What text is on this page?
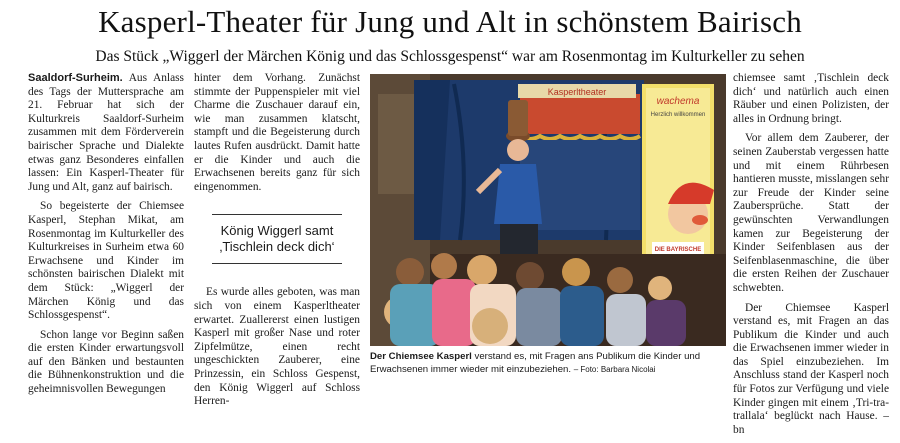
Kasperl-Theater für Jung und Alt in schönstem Bairisch
Das Stück „Wiggerl der Märchen König und das Schlossgespenst“ war am Rosenmontag im Kulturkeller zu sehen

Saaldorf-Surheim. Aus Anlass des Tags der Muttersprache am 21. Februar hat sich der Kulturkreis Saaldorf-Surheim zusammen mit dem Förderverein bairischer Sprache und Dialekte etwas ganz Besonderes einfallen lassen: Ein Kasperl-Theater für Jung und Alt, ganz auf bairisch.

So begeisterte der Chiemsee Kasperl, Stephan Mikat, am Rosenmontag im Kulturkeller des Kulturkreises in Surheim etwa 60 Erwachsene und Kinder im schönsten bairischen Dialekt mit dem Stück: „Wiggerl der Märchen König und das Schlossgespenst“.

Schon lange vor Beginn saßen die ersten Kinder erwartungsvoll auf den Bänken und bestaunten die Bühnenkonstruktion und die geheimnisvollen Bewegungen

hinter dem Vorhang. Zunächst stimmte der Puppenspieler mit viel Charme die Zuschauer darauf ein, wie man zusammen klatscht, stampft und die Begeisterung durch lautes Rufen ausdrückt. Damit hatte er die Kinder und auch die Erwachsenen bereits ganz für sich eingenommen.

König Wiggerl samt ‚Tischlein deck dich‘

Es wurde alles geboten, was man sich von einem Kasperltheater erwartet. Zuallererst einen lustigen Kasperl mit großer Nase und roter Zipfelmütze, einen recht ungeschickten Zauberer, eine Prinzessin, ein Schloss Gespenst, den König Wiggerl auf Schloss Herren-

Kasperltheater
wachema
Herzlich willkommen
DIE BAYRISCHE
Der Chiemsee Kasperl verstand es, mit Fragen ans Publikum die Kinder und Erwachsenen immer wieder mit einzubeziehen. – Foto: Barbara Nicolai

chiemsee samt ‚Tischlein deck dich‘ und natürlich auch einen Räuber und einen Polizisten, der alles in Ordnung bringt.

Vor allem dem Zauberer, der seinen Zauberstab vergessen hatte und mit einem Rührbesen hantieren musste, misslangen sehr zur Freude der Kinder seine Zaubersprüche. Statt der gewünschten Verwandlungen kamen zur Begeisterung der Kinder Seifenblasen aus der Seifenblasenmaschine, die über die ersten Reihen der Zuschauer schwebten.

Der Chiemsee Kasperl verstand es, mit Fragen an das Publikum die Kinder und auch die Erwachsenen immer wieder in das Spiel einzubeziehen. Im Anschluss stand der Kasperl noch für Fotos zur Verfügung und viele Kinder gingen mit einem ‚Tri-tra-trallala‘ beglückt nach Hause. – bn
